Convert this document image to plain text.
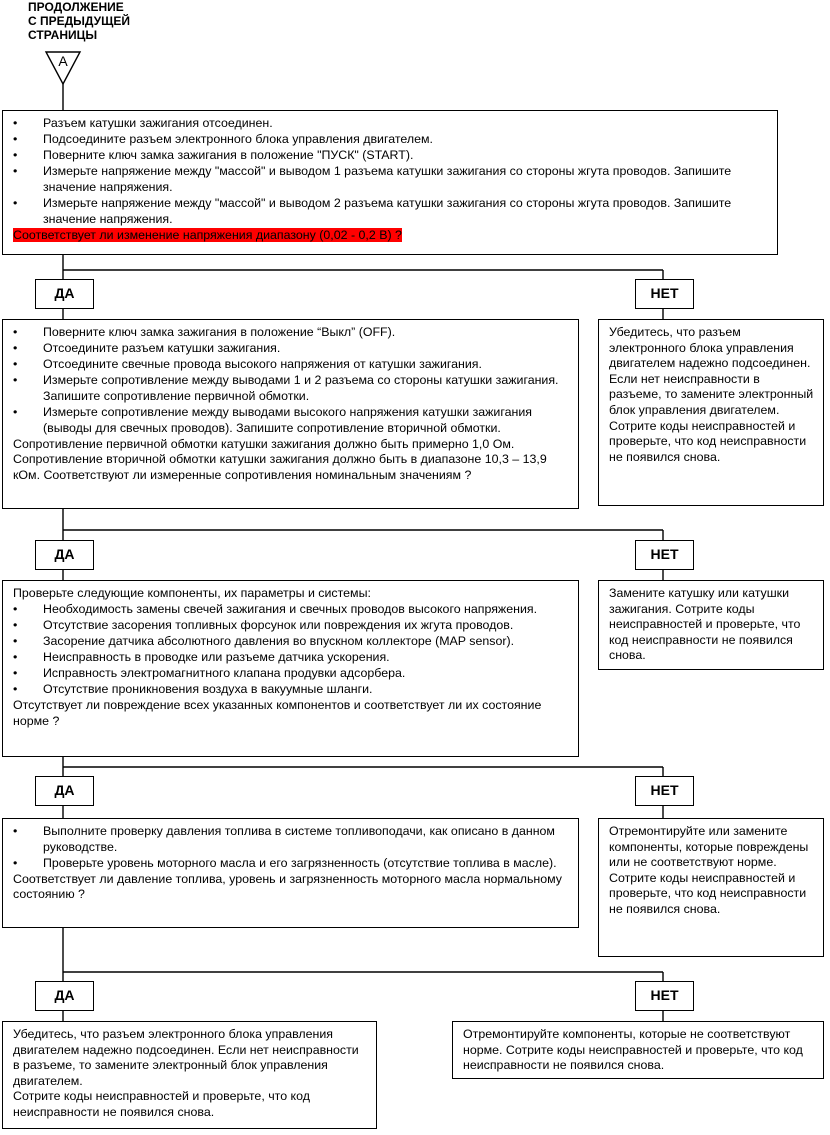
ПРОДОЛЖЕНИЕ
С ПРЕДЫДУЩЕЙ
СТРАНИЦЫ
A
• Разъем катушки зажигания отсоединен.
• Подсоедините разъем электронного блока управления двигателем.
• Поверните ключ замка зажигания в положение "ПУСК" (START).
• Измерьте напряжение между "массой" и выводом 1 разъема катушки зажигания со стороны жгута проводов. Запишите значение напряжения.
• Измерьте напряжение между "массой" и выводом 2 разъема катушки зажигания со стороны жгута проводов. Запишите значение напряжения.

Соответствует ли изменение напряжения диапазону (0,02 - 0,2 В) ?

ДА	НЕТ
• Поверните ключ замка зажигания в положение “Выкл” (OFF).
• Отсоедините разъем катушки зажигания.
• Отсоедините свечные провода высокого напряжения от катушки зажигания.
• Измерьте сопротивление между выводами 1 и 2 разъема со стороны катушки зажигания. Запишите сопротивление первичной обмотки.
• Измерьте сопротивление между выводами высокого напряжения катушки зажигания (выводы для свечных проводов). Запишите сопротивление вторичной обмотки.

Сопротивление первичной обмотки катушки зажигания должно быть примерно 1,0 Ом. Сопротивление вторичной обмотки катушки зажигания должно быть в диапазоне 10,3 – 13,9 кОм. Соответствуют ли измеренные сопротивления номинальным значениям ?

Убедитесь, что разъем электронного блока управления двигателем надежно подсоединен. Если нет неисправности в разъеме, то замените электронный блок управления двигателем. Сотрите коды неисправностей и проверьте, что код неисправности не появился снова.

ДА	НЕТ

Проверьте следующие компоненты, их параметры и системы:

• Необходимость замены свечей зажигания и свечных проводов высокого напряжения.
• Отсутствие засорения топливных форсунок или повреждения их жгута проводов.
• Засорение датчика абсолютного давления во впускном коллекторе (MAP sensor).
• Неисправность в проводке или разъеме датчика ускорения.
• Исправность электромагнитного клапана продувки адсорбера.
• Отсутствие проникновения воздуха в вакуумные шланги.

Отсутствует ли повреждение всех указанных компонентов и соответствует ли их состояние норме ?

Замените катушку или катушки зажигания. Сотрите коды неисправностей и проверьте, что код неисправности не появился снова.

ДА	НЕТ
• Выполните проверку давления топлива в системе топливоподачи, как описано в данном руководстве.
• Проверьте уровень моторного масла и его загрязненность (отсутствие топлива в масле).

Соответствует ли давление топлива, уровень и загрязненность моторного масла нормальному состоянию ?

Отремонтируйте или замените компоненты, которые повреждены или не соответствуют норме.

Сотрите коды неисправностей и проверьте, что код неисправности не появился снова.

ДА	НЕТ

Убедитесь, что разъем электронного блока управления двигателем надежно подсоединен. Если нет неисправности в разъеме, то замените электронный блок управления двигателем.

Сотрите коды неисправностей и проверьте, что код неисправности не появился снова.

Отремонтируйте компоненты, которые не соответствуют норме. Сотрите коды неисправностей и проверьте, что код неисправности не появился снова.
